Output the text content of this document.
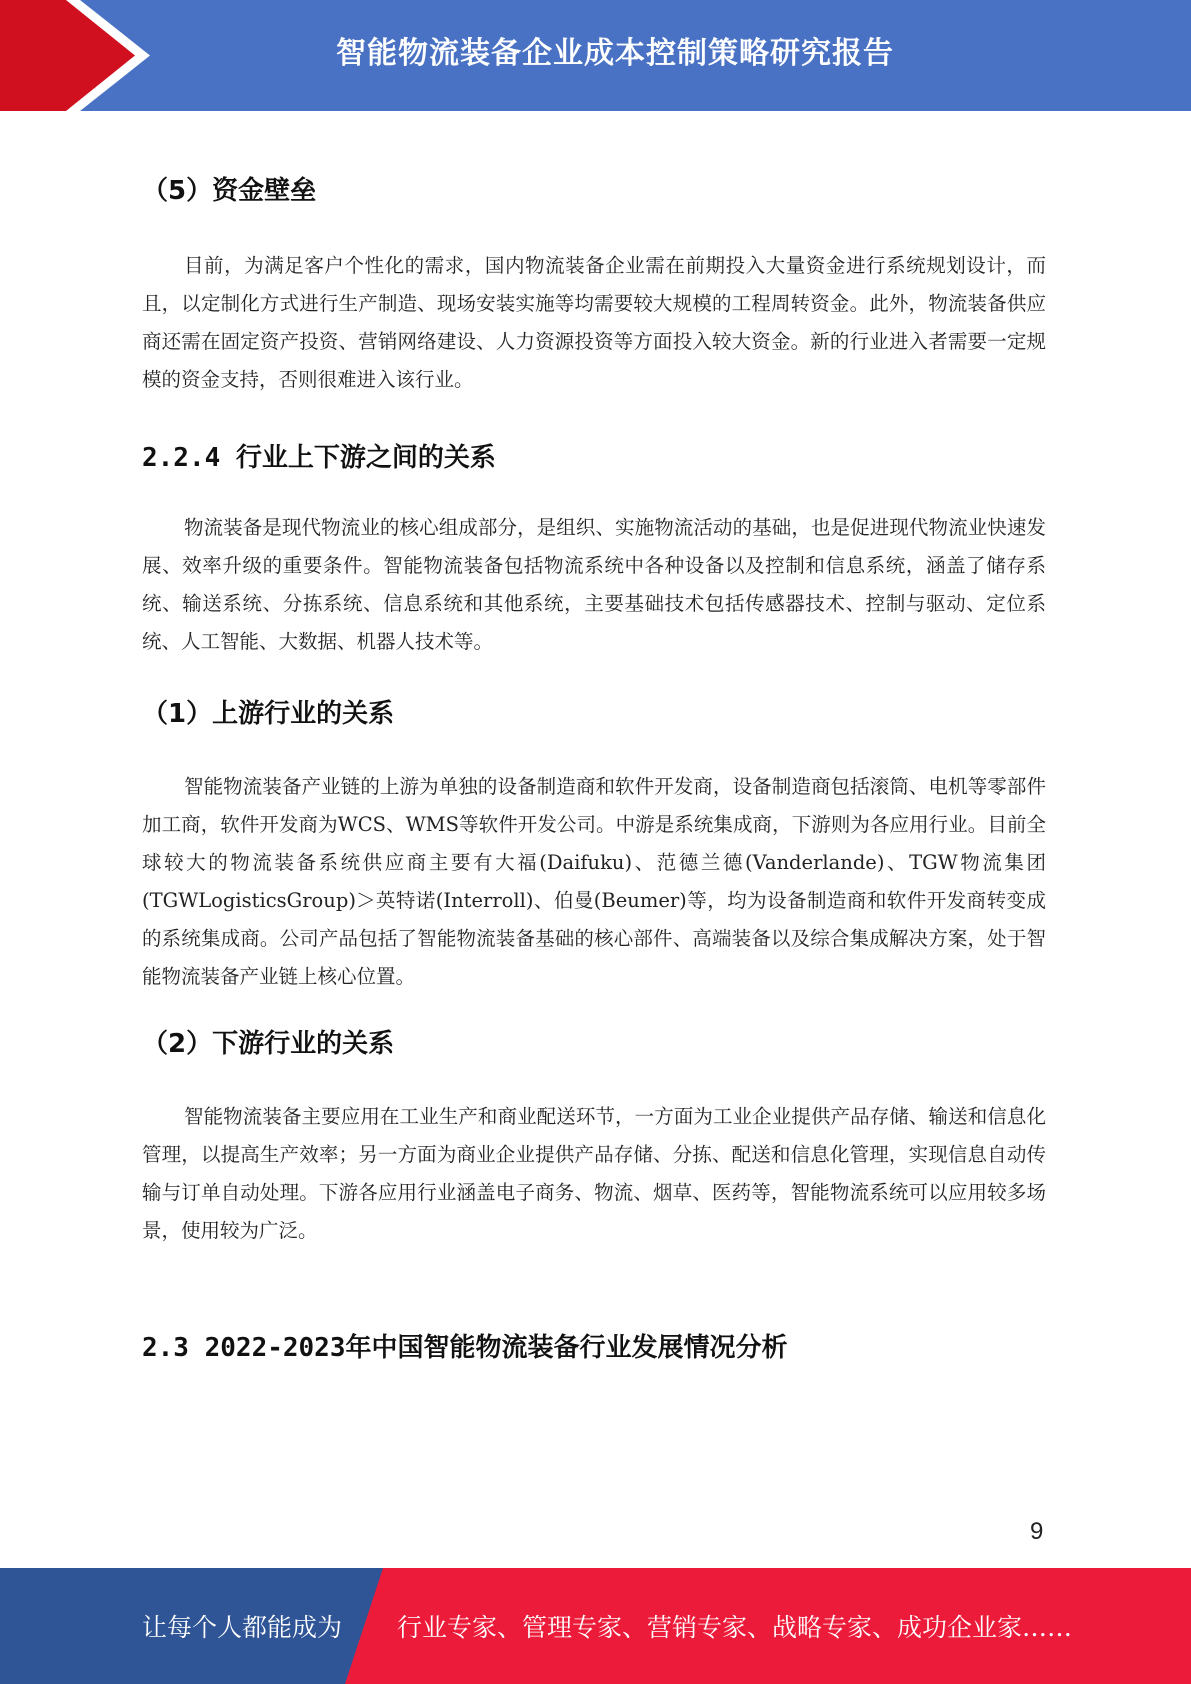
智能物流装备企业成本控制策略研究报告
（5）资金壁垒

目前，为满足客户个性化的需求，国内物流装备企业需在前期投入大量资金进行系统规划设计，而且，以定制化方式进行生产制造、现场安装实施等均需要较大规模的工程周转资金。此外，物流装备供应商还需在固定资产投资、营销网络建设、人力资源投资等方面投入较大资金。新的行业进入者需要一定规模的资金支持，否则很难进入该行业。

2.2.4 行业上下游之间的关系

物流装备是现代物流业的核心组成部分，是组织、实施物流活动的基础，也是促进现代物流业快速发展、效率升级的重要条件。智能物流装备包括物流系统中各种设备以及控制和信息系统，涵盖了储存系统、输送系统、分拣系统、信息系统和其他系统，主要基础技术包括传感器技术、控制与驱动、定位系统、人工智能、大数据、机器人技术等。

（1）上游行业的关系

智能物流装备产业链的上游为单独的设备制造商和软件开发商，设备制造商包括滚筒、电机等零部件加工商，软件开发商为WCS、WMS等软件开发公司。中游是系统集成商，下游则为各应用行业。目前全球较大的物流装备系统供应商主要有大福(Daifuku)、范德兰德(Vanderlande)、TGW物流集团(TGWLogisticsGroup)＞英特诺(Interroll)、伯曼(Beumer)等，均为设备制造商和软件开发商转变成的系统集成商。公司产品包括了智能物流装备基础的核心部件、高端装备以及综合集成解决方案，处于智能物流装备产业链上核心位置。

（2）下游行业的关系

智能物流装备主要应用在工业生产和商业配送环节，一方面为工业企业提供产品存储、输送和信息化管理，以提高生产效率；另一方面为商业企业提供产品存储、分拣、配送和信息化管理，实现信息自动传输与订单自动处理。下游各应用行业涵盖电子商务、物流、烟草、医药等，智能物流系统可以应用较多场景，使用较为广泛。

2.3 2022-2023年中国智能物流装备行业发展情况分析
9
让每个人都能成为 行业专家、管理专家、营销专家、战略专家、成功企业家……
